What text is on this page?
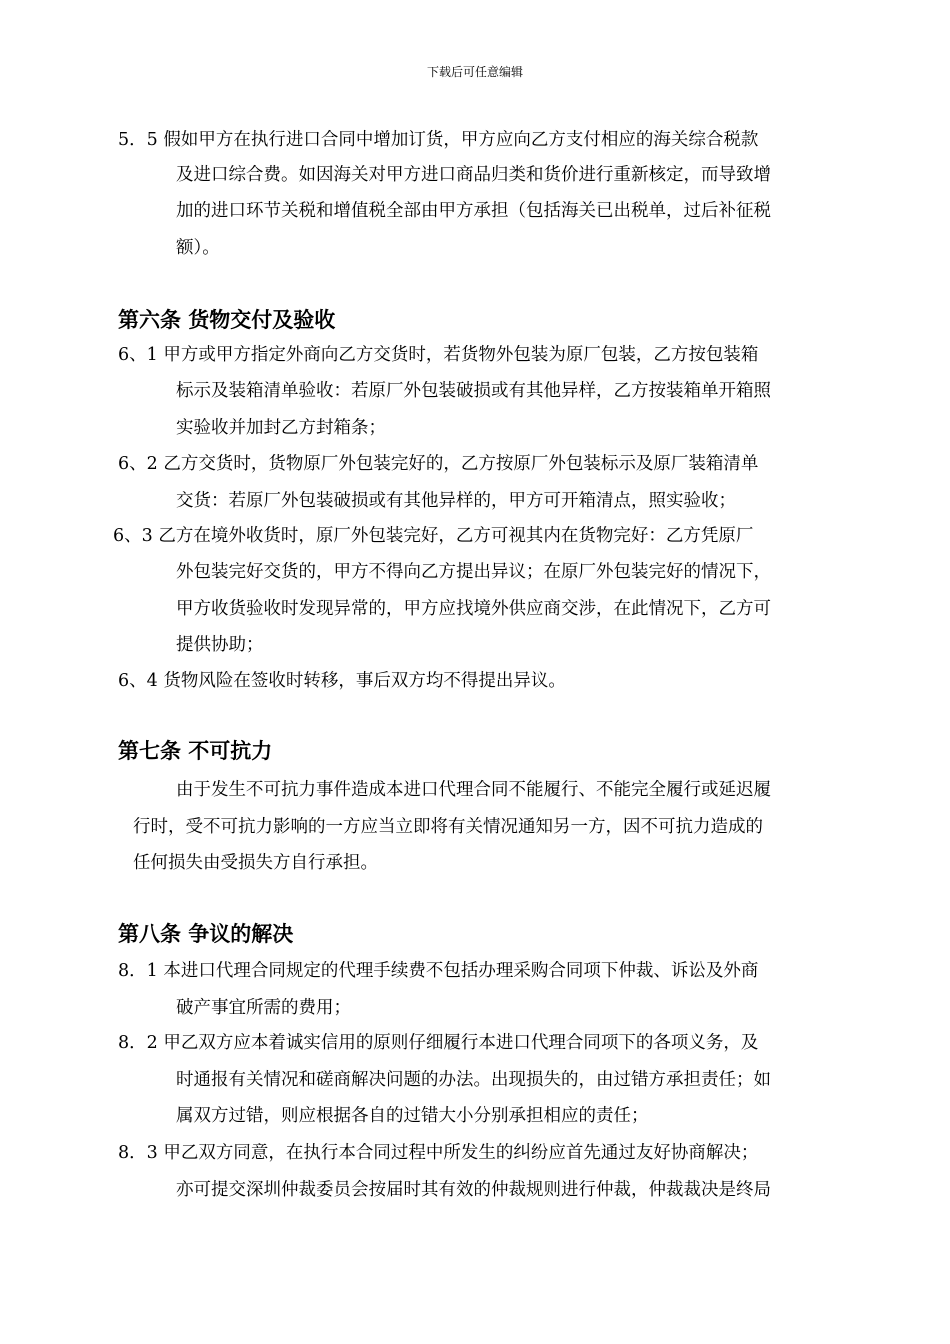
下载后可任意编辑
5．5 假如甲方在执行进口合同中增加订货，甲方应向乙方支付相应的海关综合税款
及进口综合费。如因海关对甲方进口商品归类和货价进行重新核定，而导致增
加的进口环节关税和增值税全部由甲方承担（包括海关已出税单，过后补征税
额）。
第六条 货物交付及验收
6、1 甲方或甲方指定外商向乙方交货时，若货物外包装为原厂包装，乙方按包装箱
标示及装箱清单验收：若原厂外包装破损或有其他异样，乙方按装箱单开箱照
实验收并加封乙方封箱条；
6、2 乙方交货时，货物原厂外包装完好的，乙方按原厂外包装标示及原厂装箱清单
交货：若原厂外包装破损或有其他异样的，甲方可开箱清点，照实验收；
6、3 乙方在境外收货时，原厂外包装完好，乙方可视其内在货物完好：乙方凭原厂
外包装完好交货的，甲方不得向乙方提出异议；在原厂外包装完好的情况下，
甲方收货验收时发现异常的，甲方应找境外供应商交涉，在此情况下，乙方可
提供协助；
6、4 货物风险在签收时转移，事后双方均不得提出异议。
第七条 不可抗力
由于发生不可抗力事件造成本进口代理合同不能履行、不能完全履行或延迟履
行时，受不可抗力影响的一方应当立即将有关情况通知另一方，因不可抗力造成的
任何损失由受损失方自行承担。
第八条 争议的解决
8．1 本进口代理合同规定的代理手续费不包括办理采购合同项下仲裁、诉讼及外商
破产事宜所需的费用；
8．2 甲乙双方应本着诚实信用的原则仔细履行本进口代理合同项下的各项义务，及
时通报有关情况和磋商解决问题的办法。出现损失的，由过错方承担责任；如
属双方过错，则应根据各自的过错大小分别承担相应的责任；
8．3 甲乙双方同意，在执行本合同过程中所发生的纠纷应首先通过友好协商解决；
亦可提交深圳仲裁委员会按届时其有效的仲裁规则进行仲裁，仲裁裁决是终局
